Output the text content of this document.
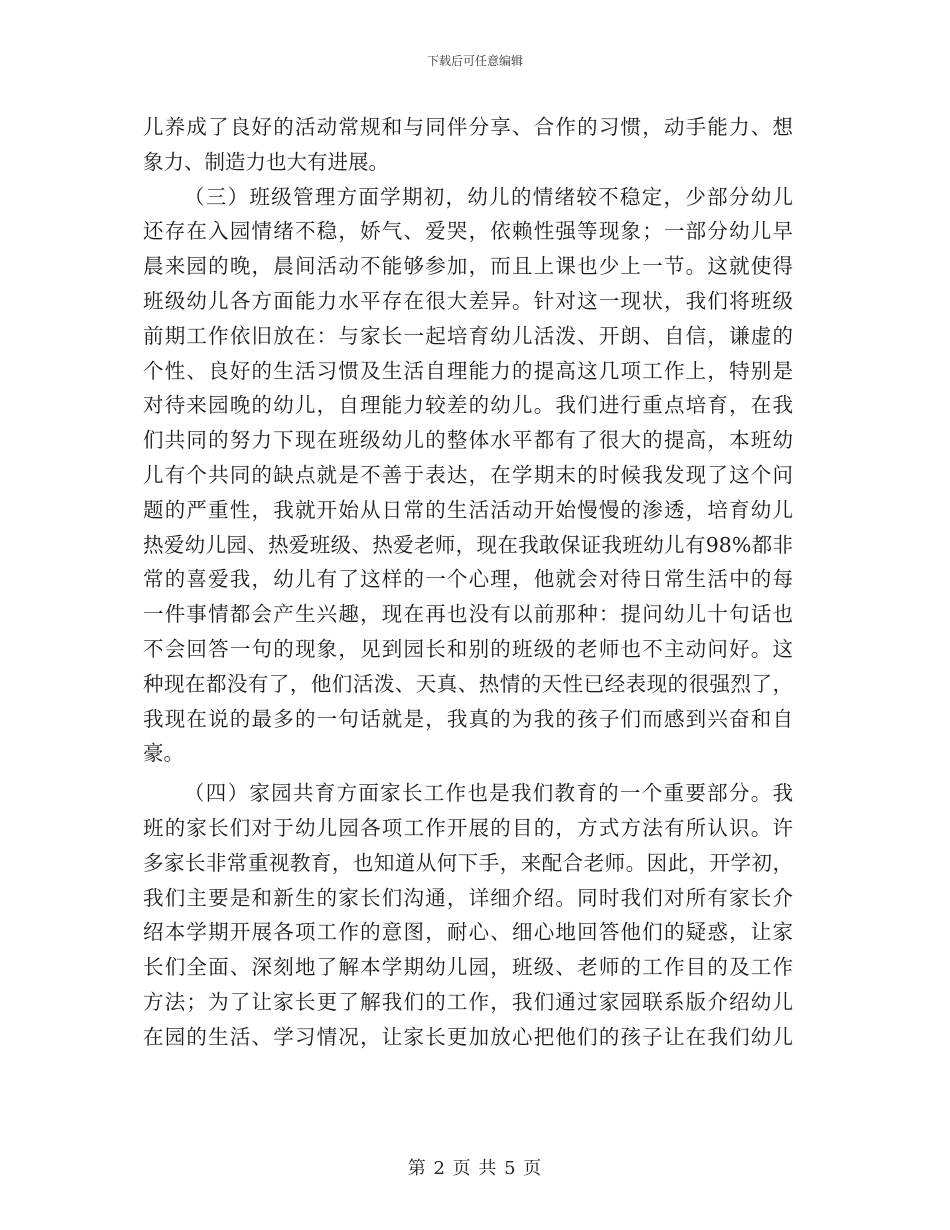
下载后可任意编辑
儿养成了良好的活动常规和与同伴分享、合作的习惯，动手能力、想
象力、制造力也大有进展。
（三）班级管理方面学期初，幼儿的情绪较不稳定，少部分幼儿
还存在入园情绪不稳，娇气、爱哭，依赖性强等现象；一部分幼儿早
晨来园的晚，晨间活动不能够参加，而且上课也少上一节。这就使得
班级幼儿各方面能力水平存在很大差异。针对这一现状，我们将班级
前期工作依旧放在：与家长一起培育幼儿活泼、开朗、自信，谦虚的
个性、良好的生活习惯及生活自理能力的提高这几项工作上，特别是
对待来园晚的幼儿，自理能力较差的幼儿。我们进行重点培育，在我
们共同的努力下现在班级幼儿的整体水平都有了很大的提高，本班幼
儿有个共同的缺点就是不善于表达，在学期末的时候我发现了这个问
题的严重性，我就开始从日常的生活活动开始慢慢的渗透，培育幼儿
热爱幼儿园、热爱班级、热爱老师，现在我敢保证我班幼儿有98%都非
常的喜爱我，幼儿有了这样的一个心理，他就会对待日常生活中的每
一件事情都会产生兴趣，现在再也没有以前那种：提问幼儿十句话也
不会回答一句的现象，见到园长和别的班级的老师也不主动问好。这
种现在都没有了，他们活泼、天真、热情的天性已经表现的很强烈了，
我现在说的最多的一句话就是，我真的为我的孩子们而感到兴奋和自
豪。
（四）家园共育方面家长工作也是我们教育的一个重要部分。我
班的家长们对于幼儿园各项工作开展的目的，方式方法有所认识。许
多家长非常重视教育，也知道从何下手，来配合老师。因此，开学初，
我们主要是和新生的家长们沟通，详细介绍。同时我们对所有家长介
绍本学期开展各项工作的意图，耐心、细心地回答他们的疑惑，让家
长们全面、深刻地了解本学期幼儿园，班级、老师的工作目的及工作
方法；为了让家长更了解我们的工作，我们通过家园联系版介绍幼儿
在园的生活、学习情况，让家长更加放心把他们的孩子让在我们幼儿
第 2 页 共 5 页
